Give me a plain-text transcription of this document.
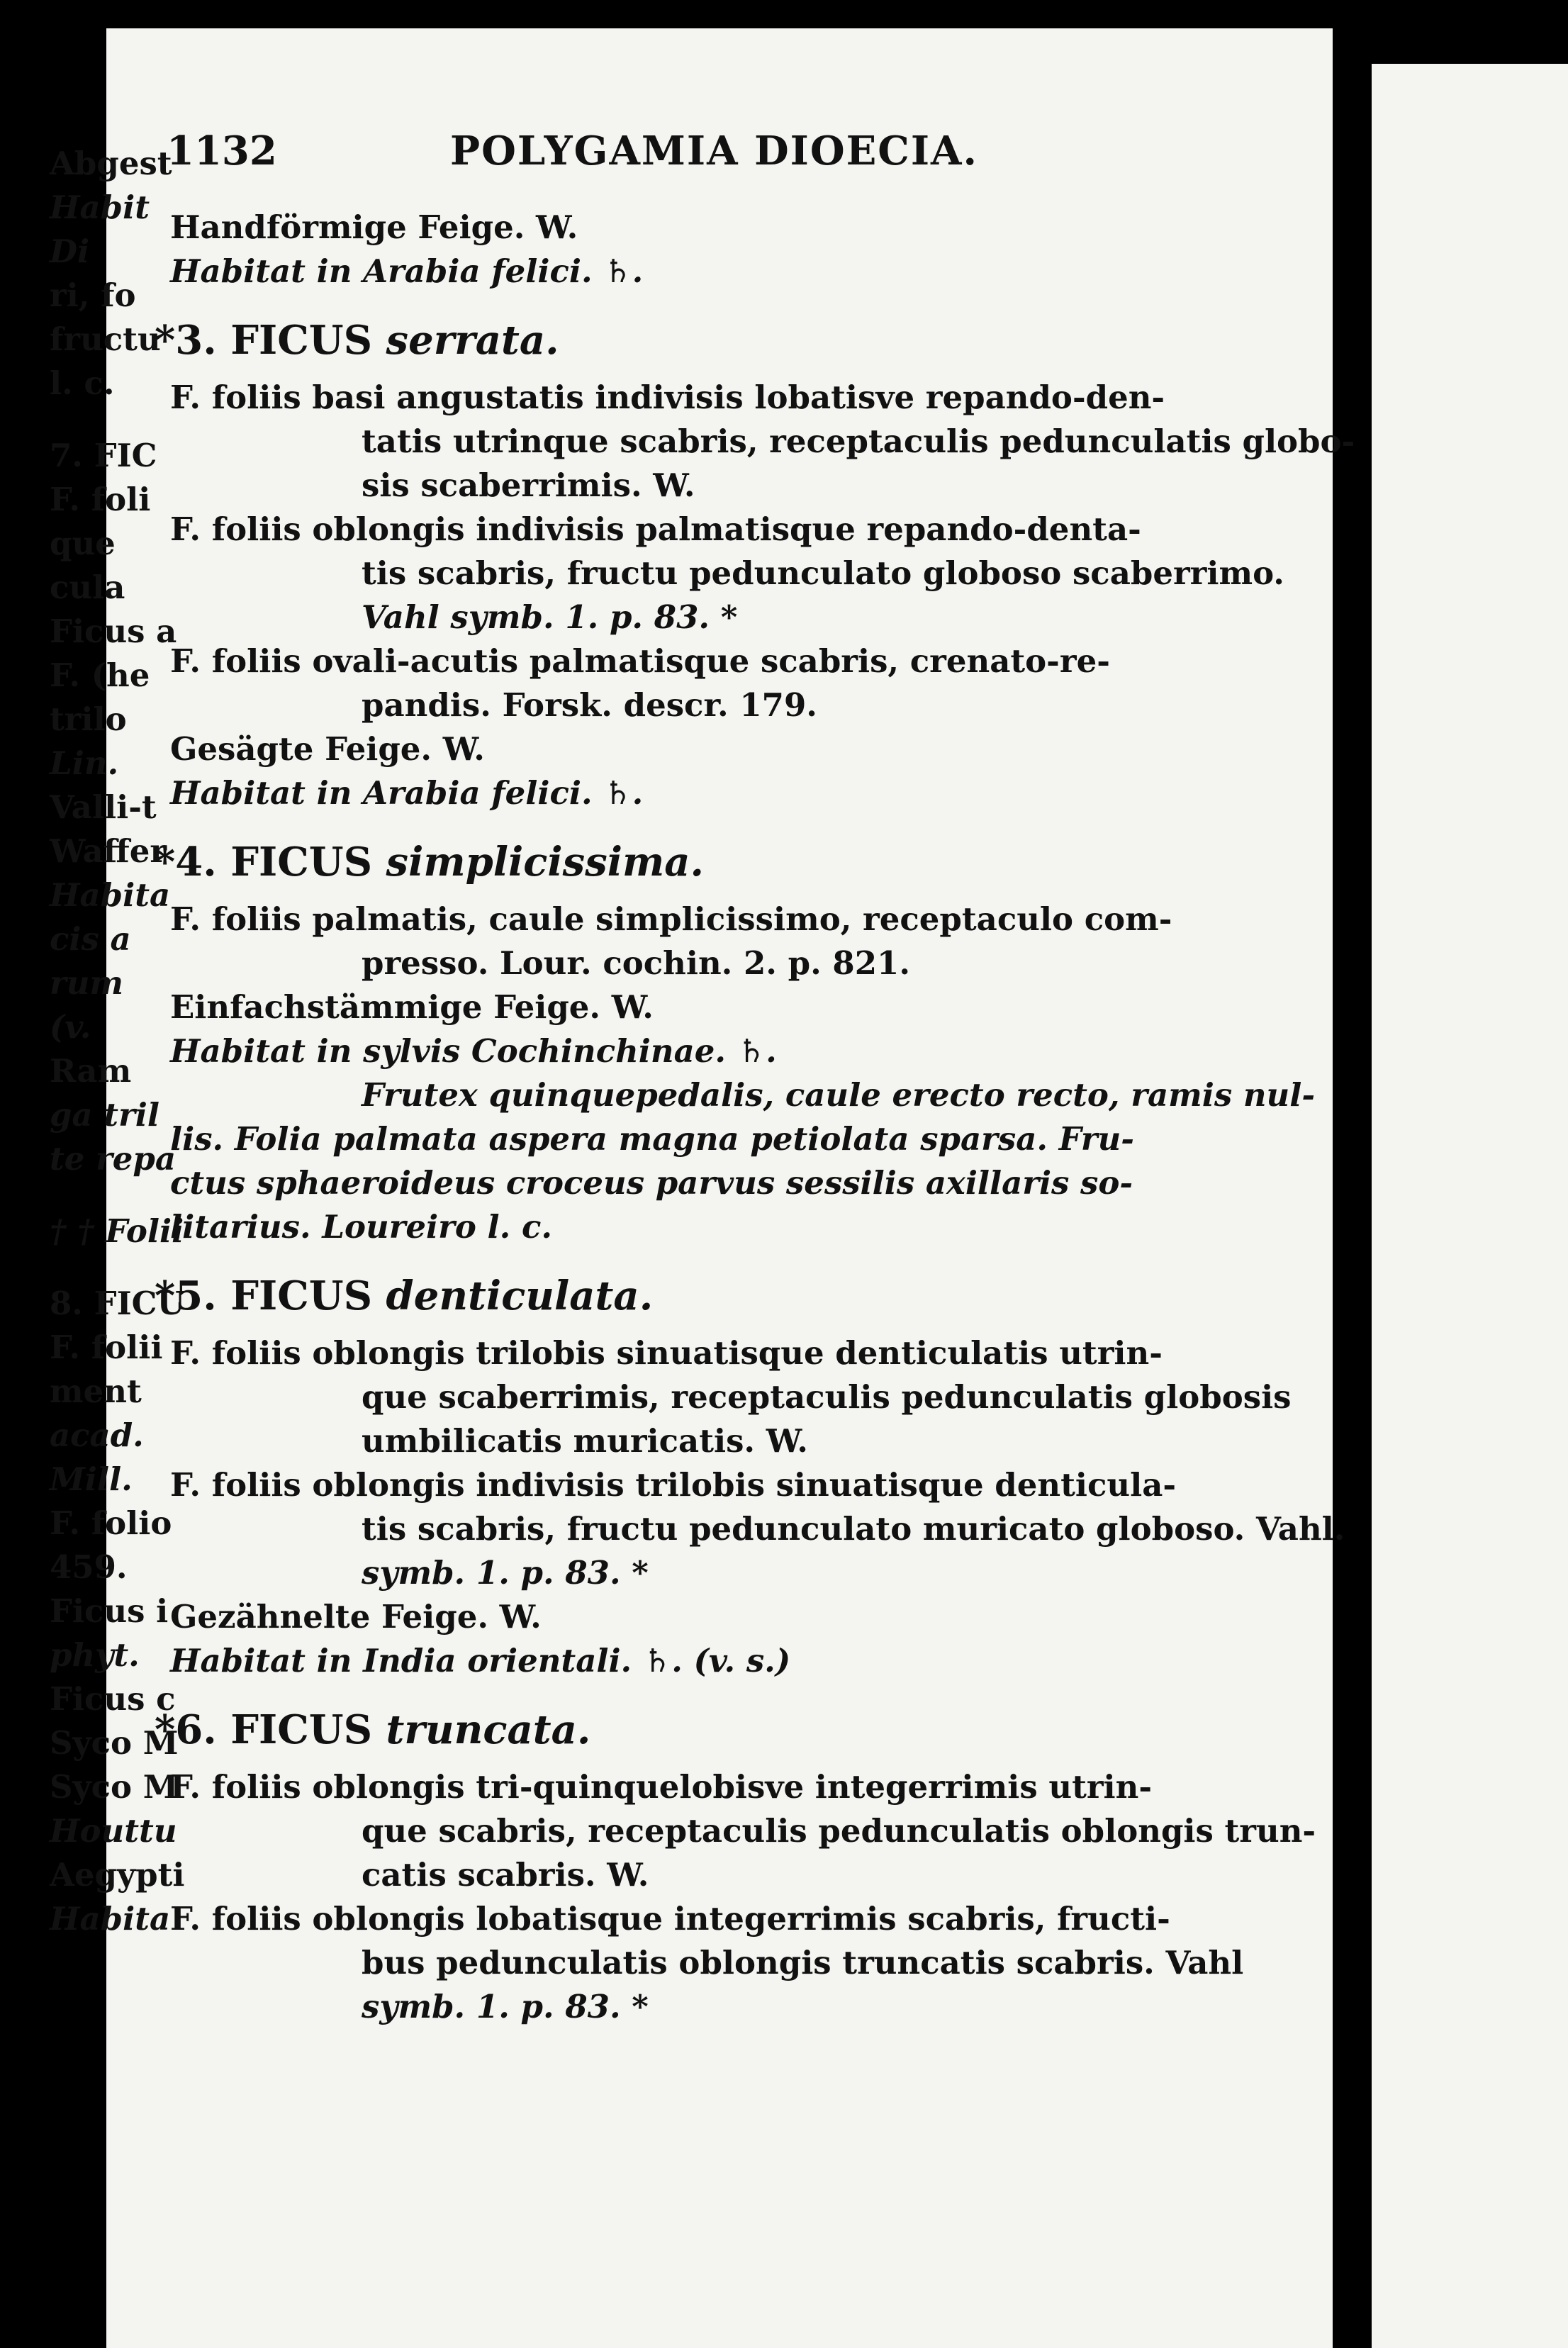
1132	POLYGAMIA DIOECIA.
Handförmige Feige. W.
Habitat in Arabia felici. ♄.
*3. FICUS serrata.
F. foliis basi angustatis indivisis lobatisve repando-den-
tatis utrinque scabris, receptaculis pedunculatis globo-
sis scaberrimis. W.
F. foliis oblongis indivisis palmatisque repando-denta-
tis scabris, fructu pedunculato globoso scaberrimo.
Vahl symb. 1. p. 83. *
F. foliis ovali-acutis palmatisque scabris, crenato-re-
pandis. Forsk. descr. 179.
Gesägte Feige. W.
Habitat in Arabia felici. ♄.
*4. FICUS simplicissima.
F. foliis palmatis, caule simplicissimo, receptaculo com-
presso. Lour. cochin. 2. p. 821.
Einfachstämmige Feige. W.
Habitat in sylvis Cochinchinae. ♄.
Frutex quinquepedalis, caule erecto recto, ramis nul-
lis. Folia palmata aspera magna petiolata sparsa. Fru-
ctus sphaeroideus croceus parvus sessilis axillaris so-
litarius. Loureiro l. c.
*5. FICUS denticulata.
F. foliis oblongis trilobis sinuatisque denticulatis utrin-
que scaberrimis, receptaculis pedunculatis globosis
umbilicatis muricatis. W.
F. foliis oblongis indivisis trilobis sinuatisque denticula-
tis scabris, fructu pedunculato muricato globoso. Vahl.
symb. 1. p. 83. *
Gezähnelte Feige. W.
Habitat in India orientali. ♄. (v. s.)
*6. FICUS truncata.
F. foliis oblongis tri-quinquelobisve integerrimis utrin-
que scabris, receptaculis pedunculatis oblongis trun-
catis scabris. W.
F. foliis oblongis lobatisque integerrimis scabris, fructi-
bus pedunculatis oblongis truncatis scabris. Vahl
symb. 1. p. 83. *
Abgest
Habit
Di
ri, fo
fructu
l. c.
7. FIC
F. foli
que
cula
Ficus a
F. (he
trilo
Lin.
Valli-t
Waffer
Habita
cis a
rum
(v.
Ram
ga tril
te repa
† † Folii
8. FICU
F. folii
ment
acad.
Mill.
F. folio
459.
Ficus i
phyt.
Ficus c
Syco M
Syco M
Houttu
Aegypti
Habita
